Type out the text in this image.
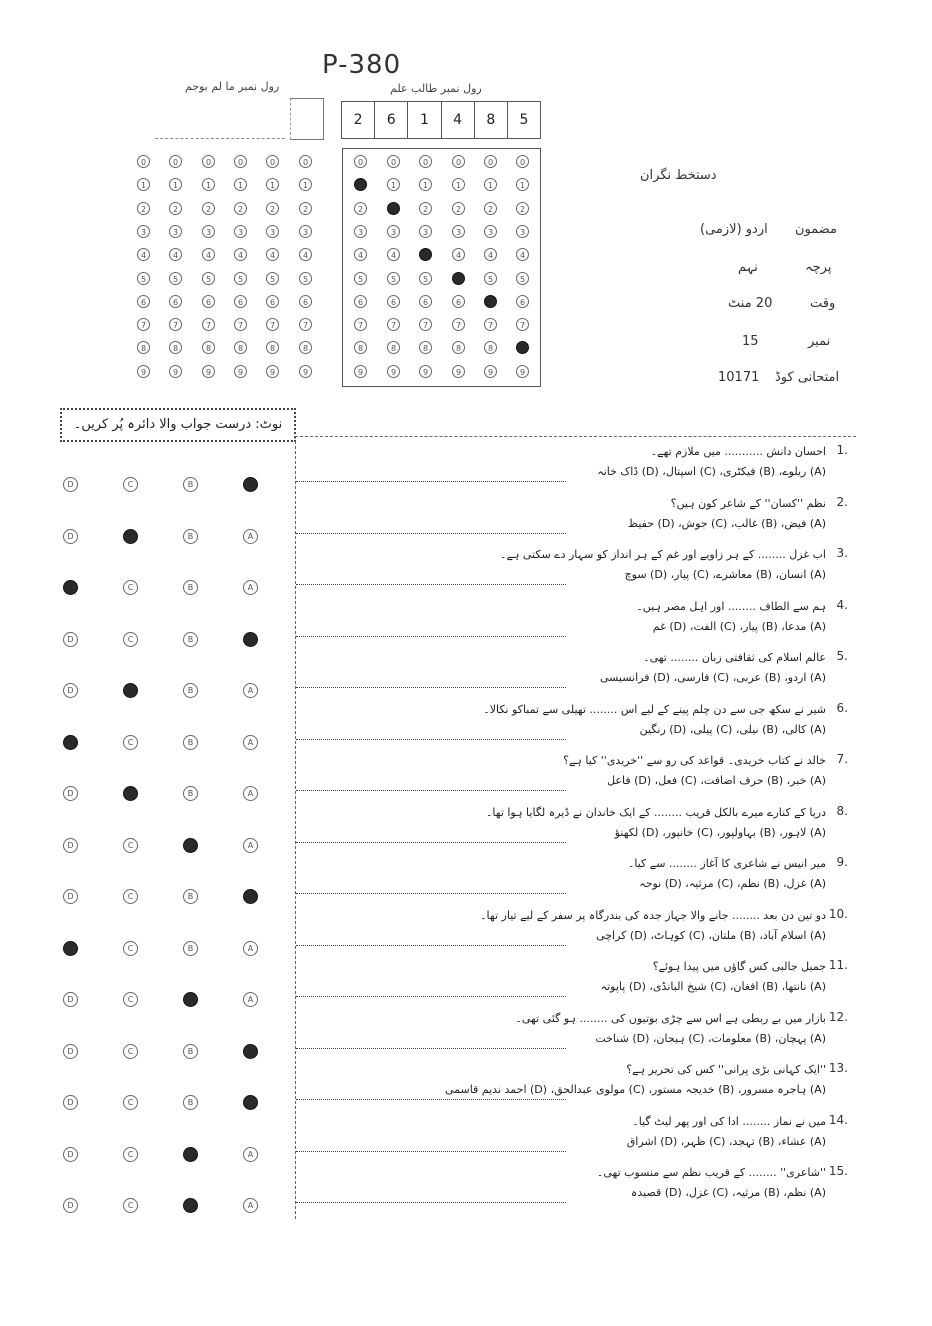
P-380
رول نمبر طالب علم
رول نمبر ما لم بوجم
2	6	1	4	8	5
0	0	0	0	0	0
1	1	1	1	1	1
2	2	2	2	2	2
3	3	3	3	3	3
4	4	4	4	4	4
5	5	5	5	5	5
6	6	6	6	6	6
7	7	7	7	7	7
8	8	8	8	8	8
9	9	9	9	9	9
0	0	0	0	0	0
1	1	1	1	1	1
2	2	2	2	2	2
3	3	3	3	3	3
4	4	4	4	4	4
5	5	5	5	5	5
6	6	6	6	6	6
7	7	7	7	7	7
8	8	8	8	8	8
9	9	9	9	9	9
دستخط نگران
مضمون
اردو (لازمی)
پرچہ
نہم
وقت
20 منٹ
نمبر
15
امتحانی کوڈ
10171
نوٹ: درست جواب والا دائرہ پُر کریں۔
D	C	B	A
D	C	B	A
D	C	B	A
D	C	B	A
D	C	B	A
D	C	B	A
D	C	B	A
D	C	B	A
D	C	B	A
D	C	B	A
D	C	B	A
D	C	B	A
D	C	B	A
D	C	B	A
D	C	B	A
1.
احسان دانش ........... میں ملازم تھے۔
(A) ریلوے، (B) فیکٹری، (C) اسپتال، (D) ڈاک خانہ
2.
نظم ''کسان'' کے شاعر کون ہیں؟
(A) فیض، (B) غالب، (C) جوش، (D) حفیظ
3.
اب غزل ........ کے ہر زاویے اور غم کے ہر انداز کو سہار دے سکتی ہے۔
(A) انسان، (B) معاشرے، (C) پیار، (D) سوچ
4.
ہم سے الطاف ........ اور اہل مصر ہیں۔
(A) مدعا، (B) پیار، (C) الفت، (D) غم
5.
عالم اسلام کی ثقافتی زبان ........ تھی۔
(A) اردو، (B) عربی، (C) فارسی، (D) فرانسیسی
6.
شیر نے سکھ جی سے دن چلم پینے کے لیے اس ........ تھیلی سے تمباکو نکالا۔
(A) کالی، (B) نیلی، (C) پیلی، (D) رنگین
7.
خالد نے کتاب خریدی۔ قواعد کی رو سے ''خریدی'' کیا ہے؟
(A) خبر، (B) حرف اضافت، (C) فعل، (D) فاعل
8.
دریا کے کنارے میرے بالکل قریب ........ کے ایک خاندان نے ڈیرہ لگایا ہوا تھا۔
(A) لاہور، (B) بہاولپور، (C) خانپور، (D) لکھنؤ
9.
میر انیس نے شاعری کا آغاز ........ سے کیا۔
(A) غزل، (B) نظم، (C) مرثیہ، (D) نوحہ
10.
دو تین دن بعد ........ جانے والا جہاز جدہ کی بندرگاہ پر سفر کے لیے تیار تھا۔
(A) اسلام آباد، (B) ملتان، (C) کوہاٹ، (D) کراچی
11.
جمیل جالبی کس گاؤں میں پیدا ہوئے؟
(A) نانتھا، (B) افغان، (C) شیخ البانڈی، (D) پاپوتہ
12.
بازار میں بے ربطی ہے اس سے چڑی بوتیوں کی ........ ہو گئی تھی۔
(A) پہچان، (B) معلومات، (C) ہیجان، (D) شناخت
13.
''ایک کہانی بڑی پرانی'' کس کی تحریر ہے؟
(A) ہاجرہ مسرور، (B) خدیجہ مستور، (C) مولوی عبدالحق، (D) احمد ندیم قاسمی
14.
میں نے نماز ........ ادا کی اور پھر لیٹ گیا۔
(A) عشاء، (B) تہجد، (C) ظہر، (D) اشراق
15.
''شاعری'' ........ کے قریب نظم سے منسوب تھی۔
(A) نظم، (B) مرثیہ، (C) غزل، (D) قصیدہ
